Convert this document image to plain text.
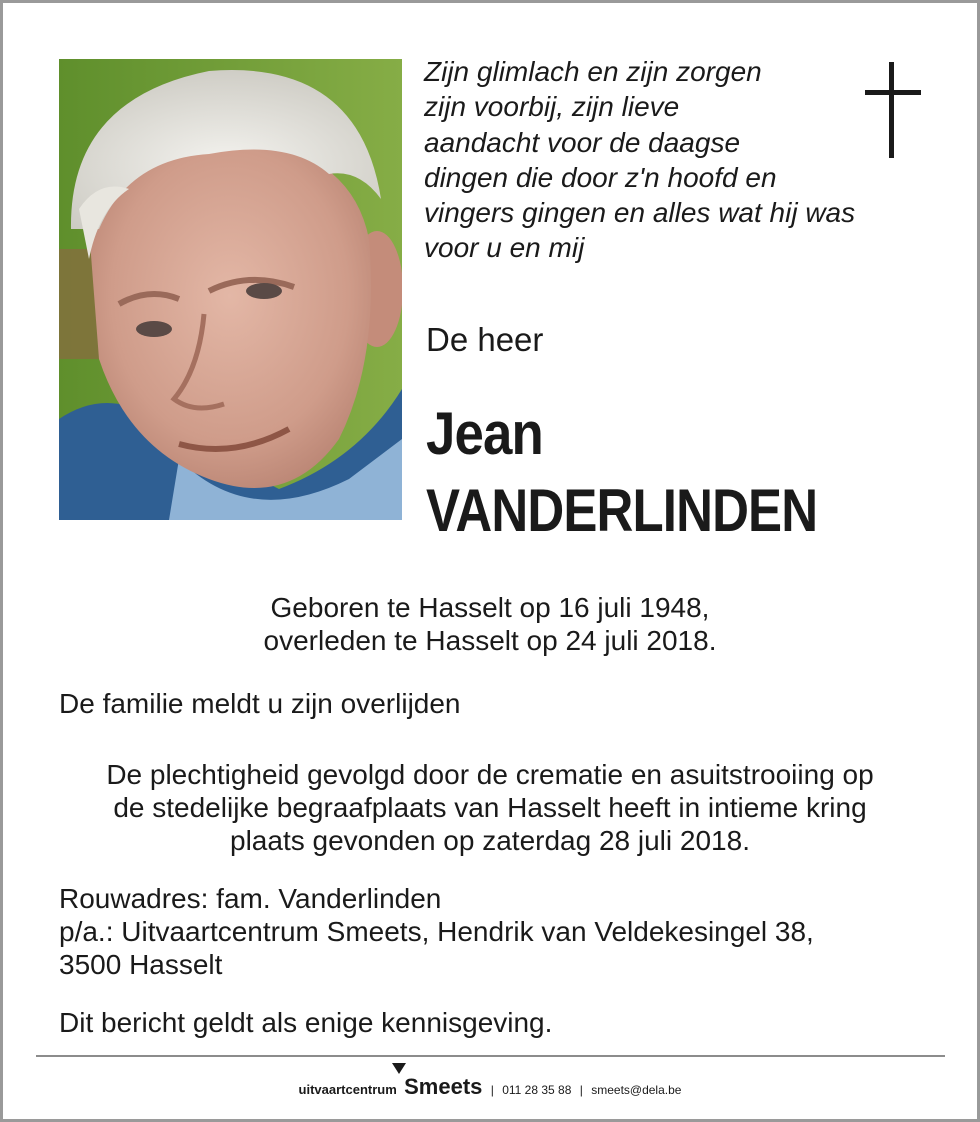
Zijn glimlach en zijn zorgen
zijn voorbij, zijn lieve
aandacht voor de daagse
dingen die door z'n hoofd en
vingers gingen en alles wat hij was
voor u en mij
De heer
Jean
VANDERLINDEN
Geboren te Hasselt op 16 juli 1948,
overleden te Hasselt op 24 juli 2018.
De familie meldt u zijn overlijden
De plechtigheid gevolgd door de crematie en asuitstrooiing op
de stedelijke begraafplaats van Hasselt heeft in intieme kring
plaats gevonden op zaterdag 28 juli 2018.
Rouwadres: fam. Vanderlinden
p/a.: Uitvaartcentrum Smeets, Hendrik van Veldekesingel 38,
3500 Hasselt
Dit bericht geldt als enige kennisgeving.
uitvaartcentrum Smeets | 011 28 35 88 | smeets@dela.be
